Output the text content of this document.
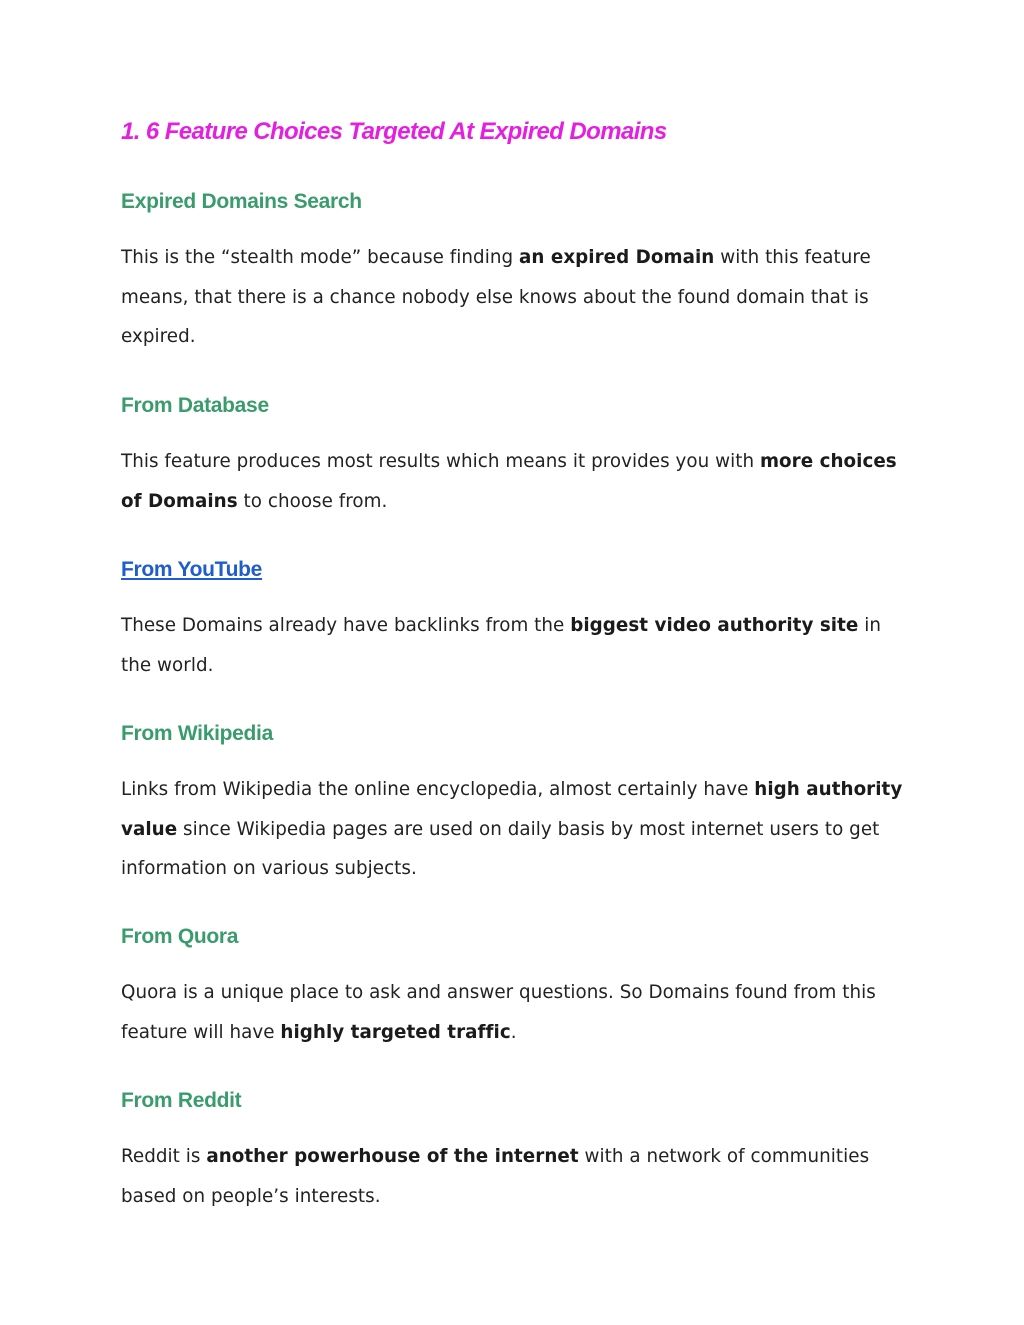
1. 6 Feature Choices Targeted At Expired Domains
Expired Domains Search

This is the “stealth mode” because finding an expired Domain with this feature means, that there is a chance nobody else knows about the found domain that is expired.

From Database

This feature produces most results which means it provides you with more choices of Domains to choose from.

From YouTube

These Domains already have backlinks from the biggest video authority site in the world.

From Wikipedia

Links from Wikipedia the online encyclopedia, almost certainly have high authority value since Wikipedia pages are used on daily basis by most internet users to get information on various subjects.

From Quora

Quora is a unique place to ask and answer questions. So Domains found from this feature will have highly targeted traffic.

From Reddit

Reddit is another powerhouse of the internet with a network of communities based on people’s interests.
